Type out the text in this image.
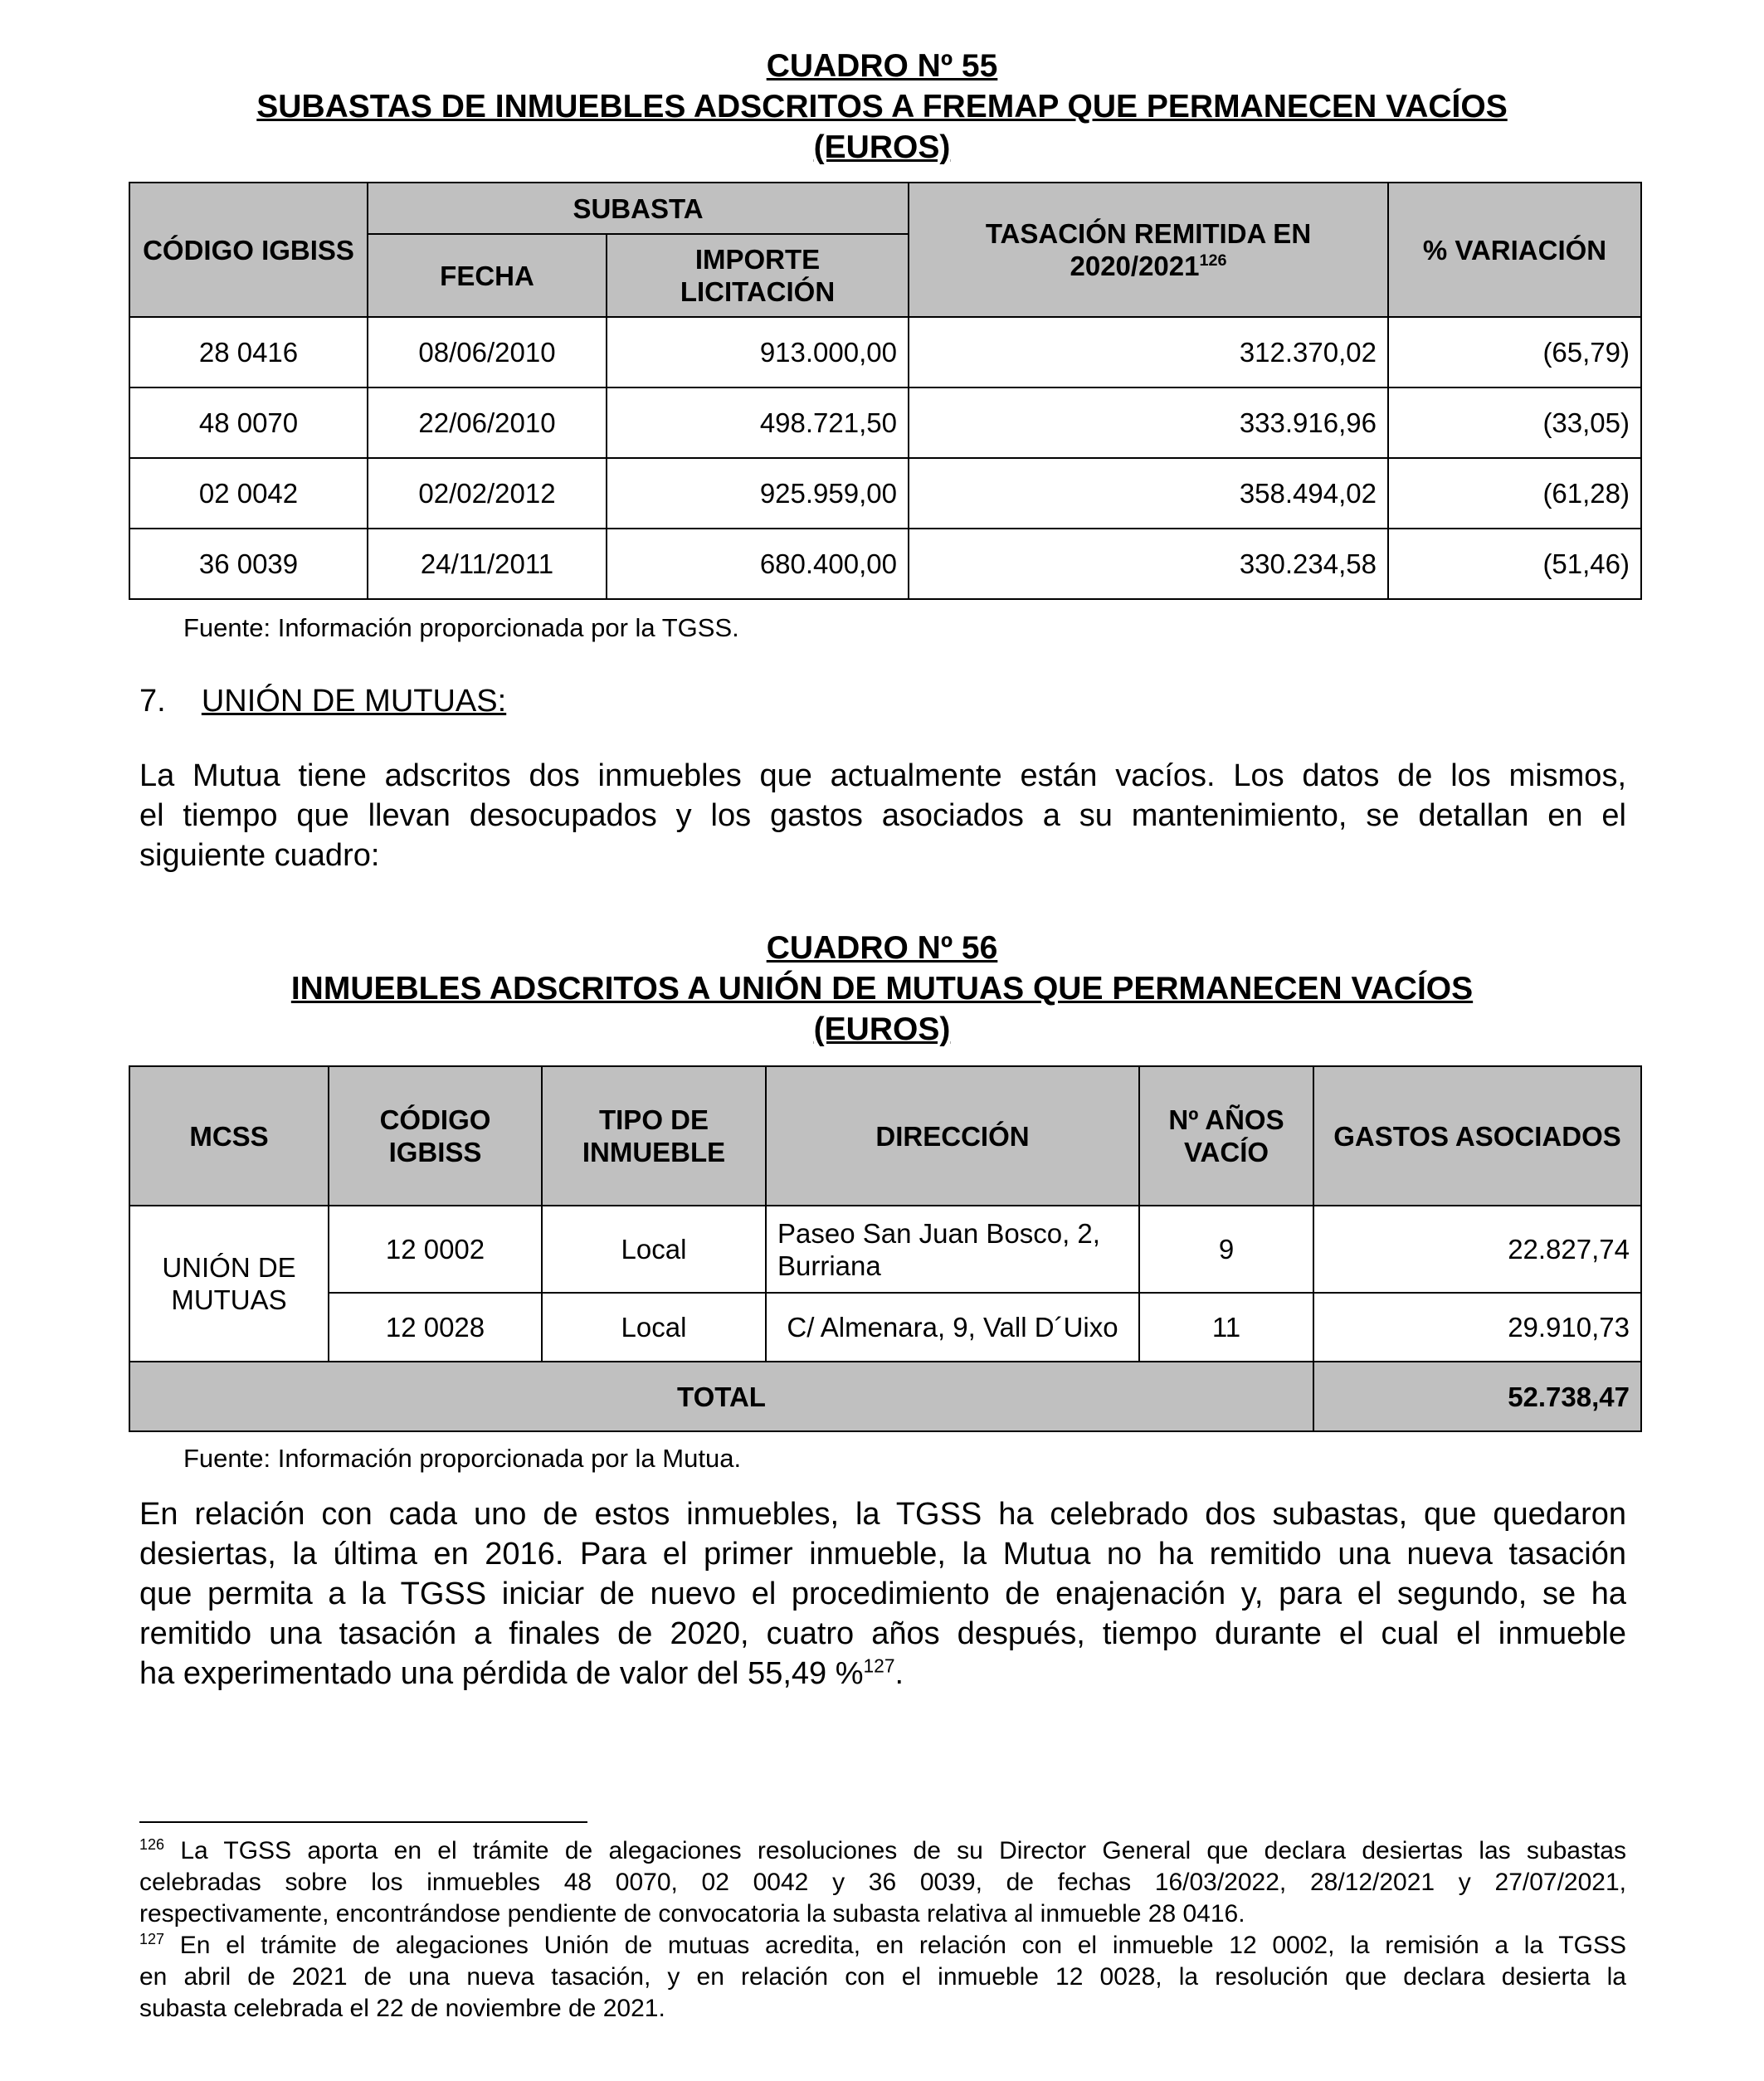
CUADRO Nº 55
SUBASTAS DE INMUEBLES ADSCRITOS A FREMAP QUE PERMANECEN VACÍOS
(EUROS)
CÓDIGO IGBISS	SUBASTA		TASACIÓN REMITIDA EN 2020/2021$^{126}$	% VARIACIÓN
	FECHA	IMPORTE LICITACIÓN		
28 0416	08/06/2010	913.000,00	312.370,02	(65,79)
48 0070	22/06/2010	498.721,50	333.916,96	(33,05)
02 0042	02/02/2012	925.959,00	358.494,02	(61,28)
36 0039	24/11/2011	680.400,00	330.234,58	(51,46)
Fuente: Información proporcionada por la TGSS.
7. UNIÓN DE MUTUAS:
La Mutua tiene adscritos dos inmuebles que actualmente están vacíos. Los datos de los mismos,
el tiempo que llevan desocupados y los gastos asociados a su mantenimiento, se detallan en el
siguiente cuadro:
CUADRO Nº 56
INMUEBLES ADSCRITOS A UNIÓN DE MUTUAS QUE PERMANECEN VACÍOS
(EUROS)
MCSS	CÓDIGO IGBISS	TIPO DE INMUEBLE	DIRECCIÓN	Nº AÑOS VACÍO	GASTOS ASOCIADOS
UNIÓN DE MUTUAS	12 0002	Local	Paseo San Juan Bosco, 2, Burriana	9	22.827,74
	12 0028	Local	C/ Almenara, 9, Vall D´Uixo	11	29.910,73
TOTAL					52.738,47
Fuente: Información proporcionada por la Mutua.
En relación con cada uno de estos inmuebles, la TGSS ha celebrado dos subastas, que quedaron
desiertas, la última en 2016. Para el primer inmueble, la Mutua no ha remitido una nueva tasación
que permita a la TGSS iniciar de nuevo el procedimiento de enajenación y, para el segundo, se ha
remitido una tasación a finales de 2020, cuatro años después, tiempo durante el cual el inmueble
ha experimentado una pérdida de valor del 55,49 %$^{127}$.
$^{126}$ La TGSS aporta en el trámite de alegaciones resoluciones de su Director General que declara desiertas las subastas
celebradas sobre los inmuebles 48 0070, 02 0042 y 36 0039, de fechas 16/03/2022, 28/12/2021 y 27/07/2021,
respectivamente, encontrándose pendiente de convocatoria la subasta relativa al inmueble 28 0416.
$^{127}$ En el trámite de alegaciones Unión de mutuas acredita, en relación con el inmueble 12 0002, la remisión a la TGSS
en abril de 2021 de una nueva tasación, y en relación con el inmueble 12 0028, la resolución que declara desierta la
subasta celebrada el 22 de noviembre de 2021.
